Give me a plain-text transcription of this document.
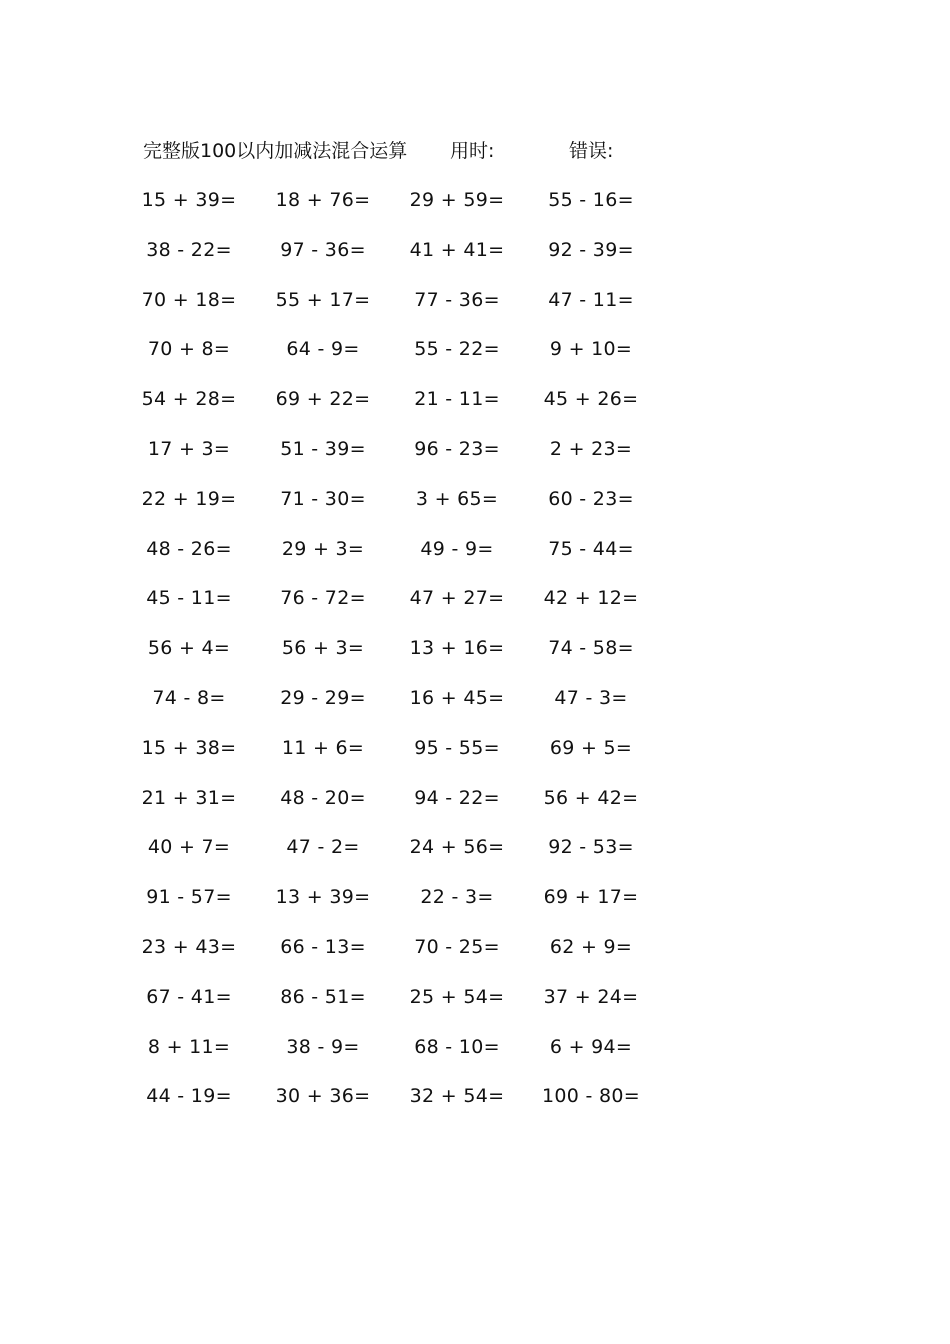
完整版100以内加减法混合运算 用时:	错误:
15 + 39=	18 + 76=	29 + 59=	55 - 16=
38 - 22=	97 - 36=	41 + 41=	92 - 39=
70 + 18=	55 + 17=	77 - 36=	47 - 11=
70 + 8=	64 - 9=	55 - 22=	9 + 10=
54 + 28=	69 + 22=	21 - 11=	45 + 26=
17 + 3=	51 - 39=	96 - 23=	2 + 23=
22 + 19=	71 - 30=	3 + 65=	60 - 23=
48 - 26=	29 + 3=	49 - 9=	75 - 44=
45 - 11=	76 - 72=	47 + 27=	42 + 12=
56 + 4=	56 + 3=	13 + 16=	74 - 58=
74 - 8=	29 - 29=	16 + 45=	47 - 3=
15 + 38=	11 + 6=	95 - 55=	69 + 5=
21 + 31=	48 - 20=	94 - 22=	56 + 42=
40 + 7=	47 - 2=	24 + 56=	92 - 53=
91 - 57=	13 + 39=	22 - 3=	69 + 17=
23 + 43=	66 - 13=	70 - 25=	62 + 9=
67 - 41=	86 - 51=	25 + 54=	37 + 24=
8 + 11=	38 - 9=	68 - 10=	6 + 94=
44 - 19=	30 + 36=	32 + 54=	100 - 80=
